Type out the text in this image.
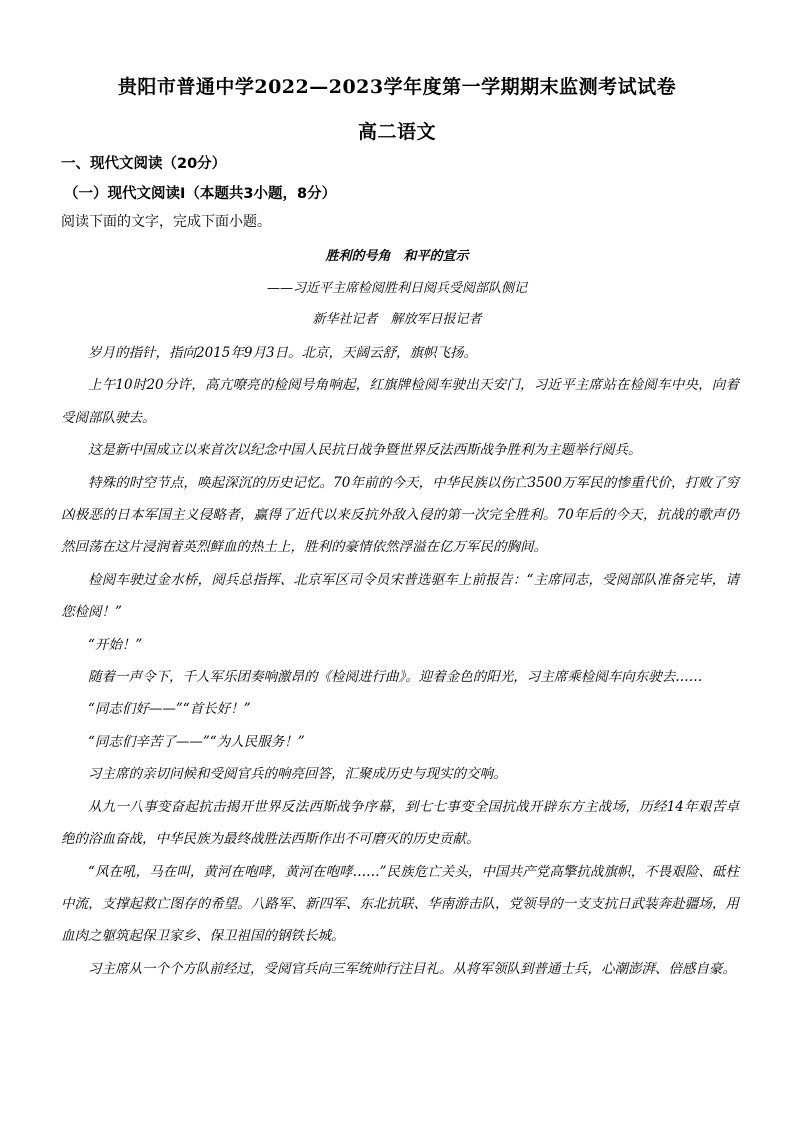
贵阳市普通中学2022—2023学年度第一学期期末监测考试试卷
高二语文
一、现代文阅读（20分）
（一）现代文阅读Ⅰ（本题共3小题，8分）
阅读下面的文字，完成下面小题。
胜利的号角　和平的宣示
——习近平主席检阅胜利日阅兵受阅部队侧记
新华社记者　解放军日报记者

岁月的指针，指向2015年9月3日。北京，天阔云舒，旗帜飞扬。

上午10时20分许，高亢嘹亮的检阅号角响起，红旗牌检阅车驶出天安门，习近平主席站在检阅车中央，向着受阅部队驶去。

这是新中国成立以来首次以纪念中国人民抗日战争暨世界反法西斯战争胜利为主题举行阅兵。

特殊的时空节点，唤起深沉的历史记忆。70年前的今天，中华民族以伤亡3500万军民的惨重代价，打败了穷凶极恶的日本军国主义侵略者，赢得了近代以来反抗外敌入侵的第一次完全胜利。70年后的今天，抗战的歌声仍然回荡在这片浸润着英烈鲜血的热土上，胜利的豪情依然浮溢在亿万军民的胸间。

检阅车驶过金水桥，阅兵总指挥、北京军区司令员宋普选驱车上前报告：“主席同志，受阅部队准备完毕，请您检阅！”

“开始！”

随着一声令下，千人军乐团奏响激昂的《检阅进行曲》。迎着金色的阳光，习主席乘检阅车向东驶去……

“同志们好——”“首长好！”

“同志们辛苦了——”“为人民服务！”

习主席的亲切问候和受阅官兵的响亮回答，汇聚成历史与现实的交响。

从九一八事变奋起抗击揭开世界反法西斯战争序幕，到七七事变全国抗战开辟东方主战场，历经14年艰苦卓绝的浴血奋战，中华民族为最终战胜法西斯作出不可磨灭的历史贡献。

“风在吼，马在叫，黄河在咆哮，黄河在咆哮……”民族危亡关头，中国共产党高擎抗战旗帜，不畏艰险、砥柱中流，支撑起救亡图存的希望。八路军、新四军、东北抗联、华南游击队，党领导的一支支抗日武装奔赴疆场，用血肉之躯筑起保卫家乡、保卫祖国的钢铁长城。

习主席从一个个方队前经过，受阅官兵向三军统帅行注目礼。从将军领队到普通士兵，心潮澎湃、倍感自豪。
